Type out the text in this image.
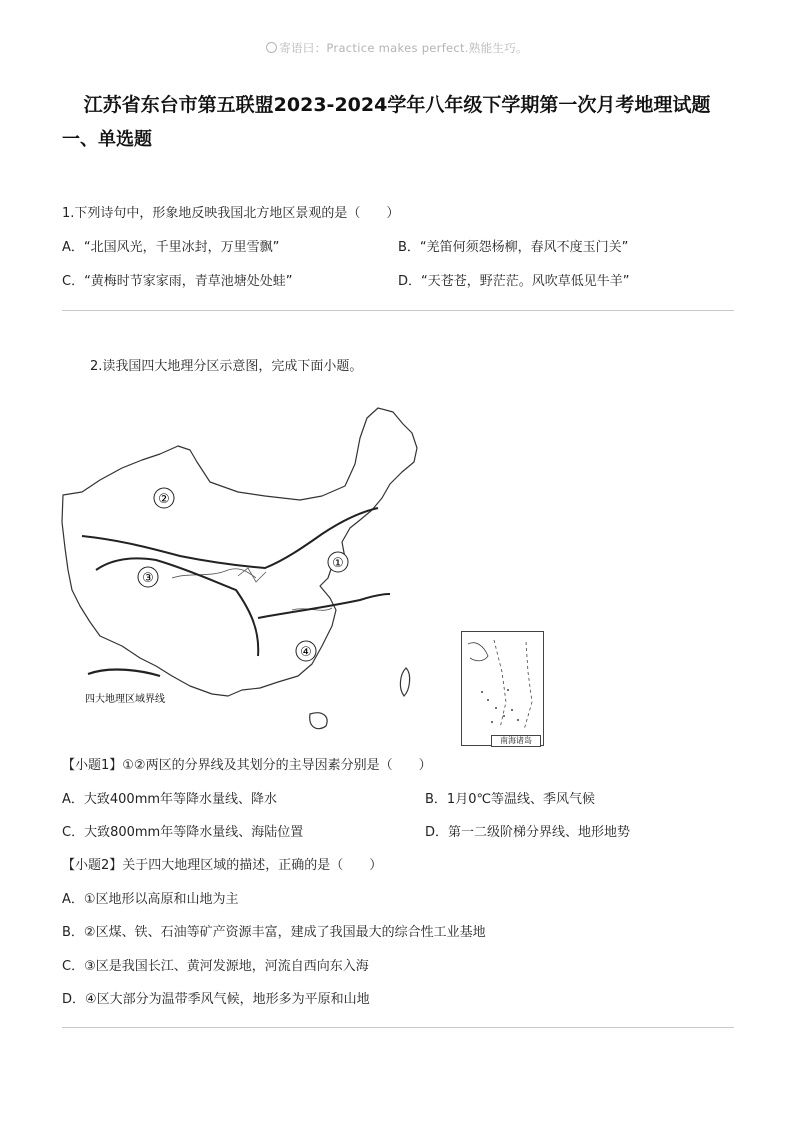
寄语曰：Practice makes perfect.熟能生巧。
江苏省东台市第五联盟2023-2024学年八年级下学期第一次月考地理试题
一、单选题
1.下列诗句中，形象地反映我国北方地区景观的是（　　）
A．“北国风光，千里冰封，万里雪飘”	B．“羌笛何须怨杨柳，春风不度玉门关”
C．“黄梅时节家家雨，青草池塘处处蛙”	D．“天苍苍，野茫茫。风吹草低见牛羊”
2.读我国四大地理分区示意图，完成下面小题。
①
②
③
④
四大地理区域界线
南海诸岛
【小题1】①②两区的分界线及其划分的主导因素分别是（　　）
A．大致400mm年等降水量线、降水	B．1月0℃等温线、季风气候
C．大致800mm年等降水量线、海陆位置	D．第一二级阶梯分界线、地形地势
【小题2】关于四大地理区域的描述，正确的是（　　）
A．①区地形以高原和山地为主
B．②区煤、铁、石油等矿产资源丰富，建成了我国最大的综合性工业基地
C．③区是我国长江、黄河发源地，河流自西向东入海
D．④区大部分为温带季风气候，地形多为平原和山地
